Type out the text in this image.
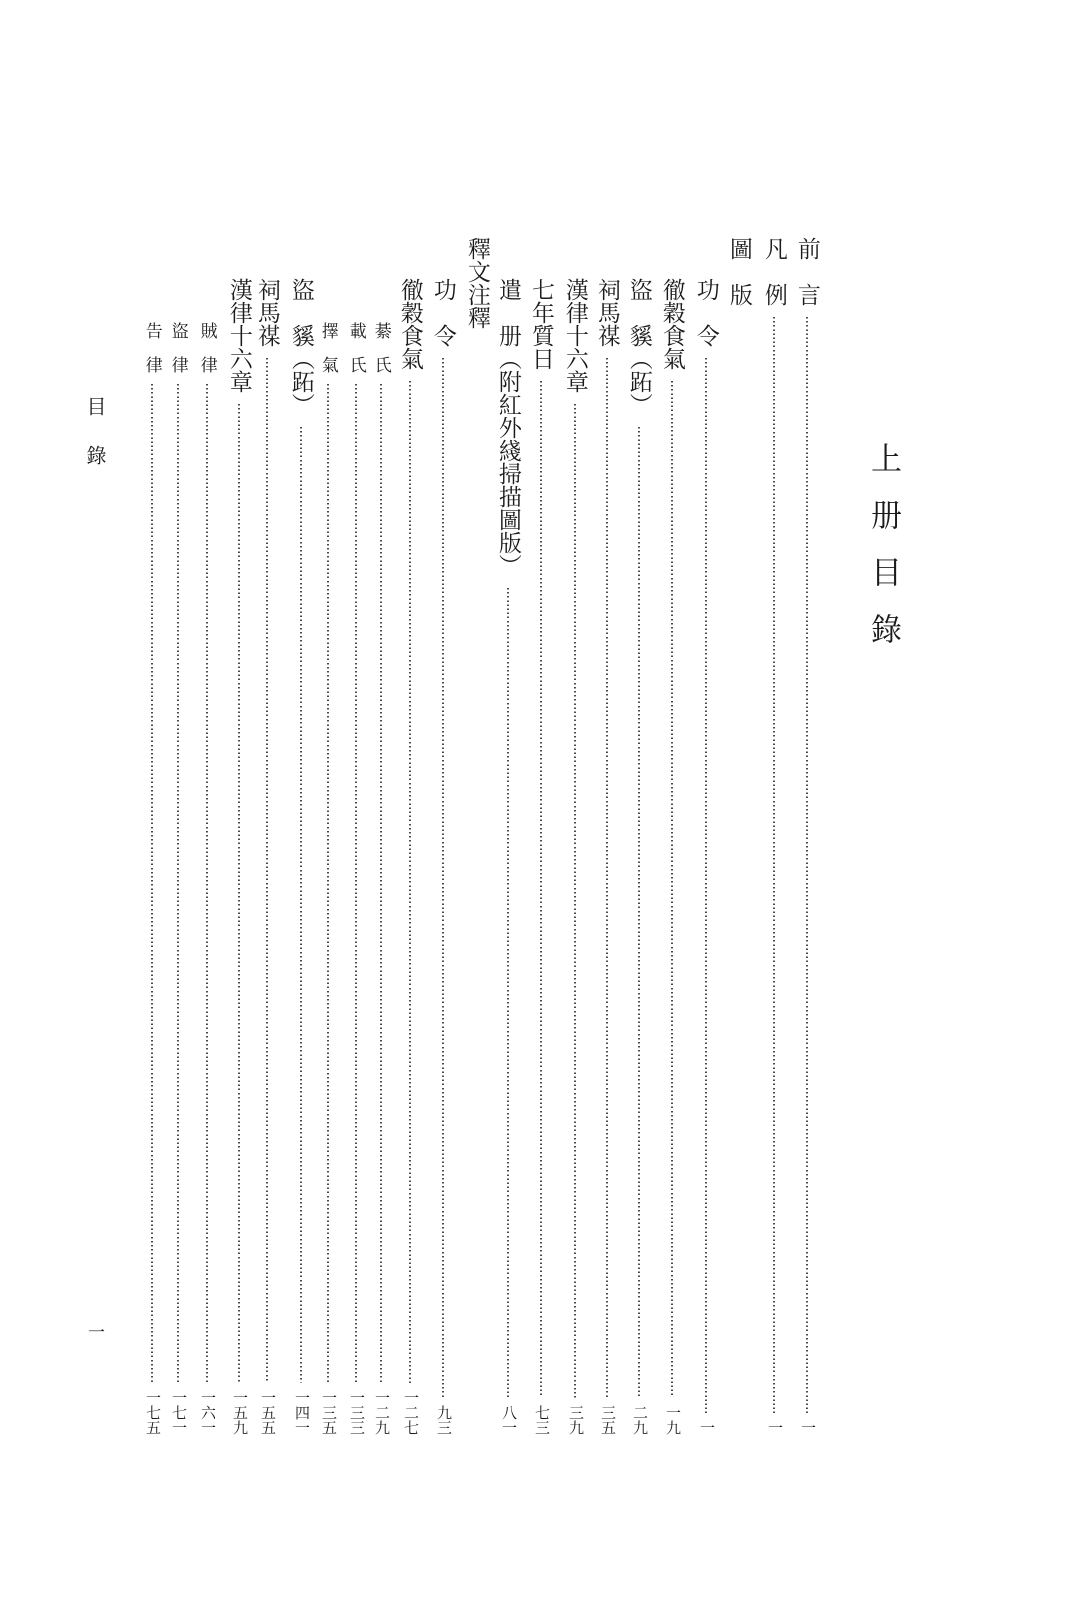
上册目錄
目錄
一
前　言
一
凡　例
一
圖　版
功　令
一
徹穀食氣
一九
盜　貕︵跖︶
二九
祠馬禖
三五
漢律十六章
三九
七年質日
七三
遣　册︵附紅外綫掃描圖版︶
八一
釋文注釋
功　令
九三
徹穀食氣
一二七
綦　氏
一二九
載　氏
一三三
擇　氣
一三五
盜　貕︵跖︶
一四一
祠馬禖
一五五
漢律十六章
一五九
賊　律
一六一
盜　律
一七一
告　律
一七五
